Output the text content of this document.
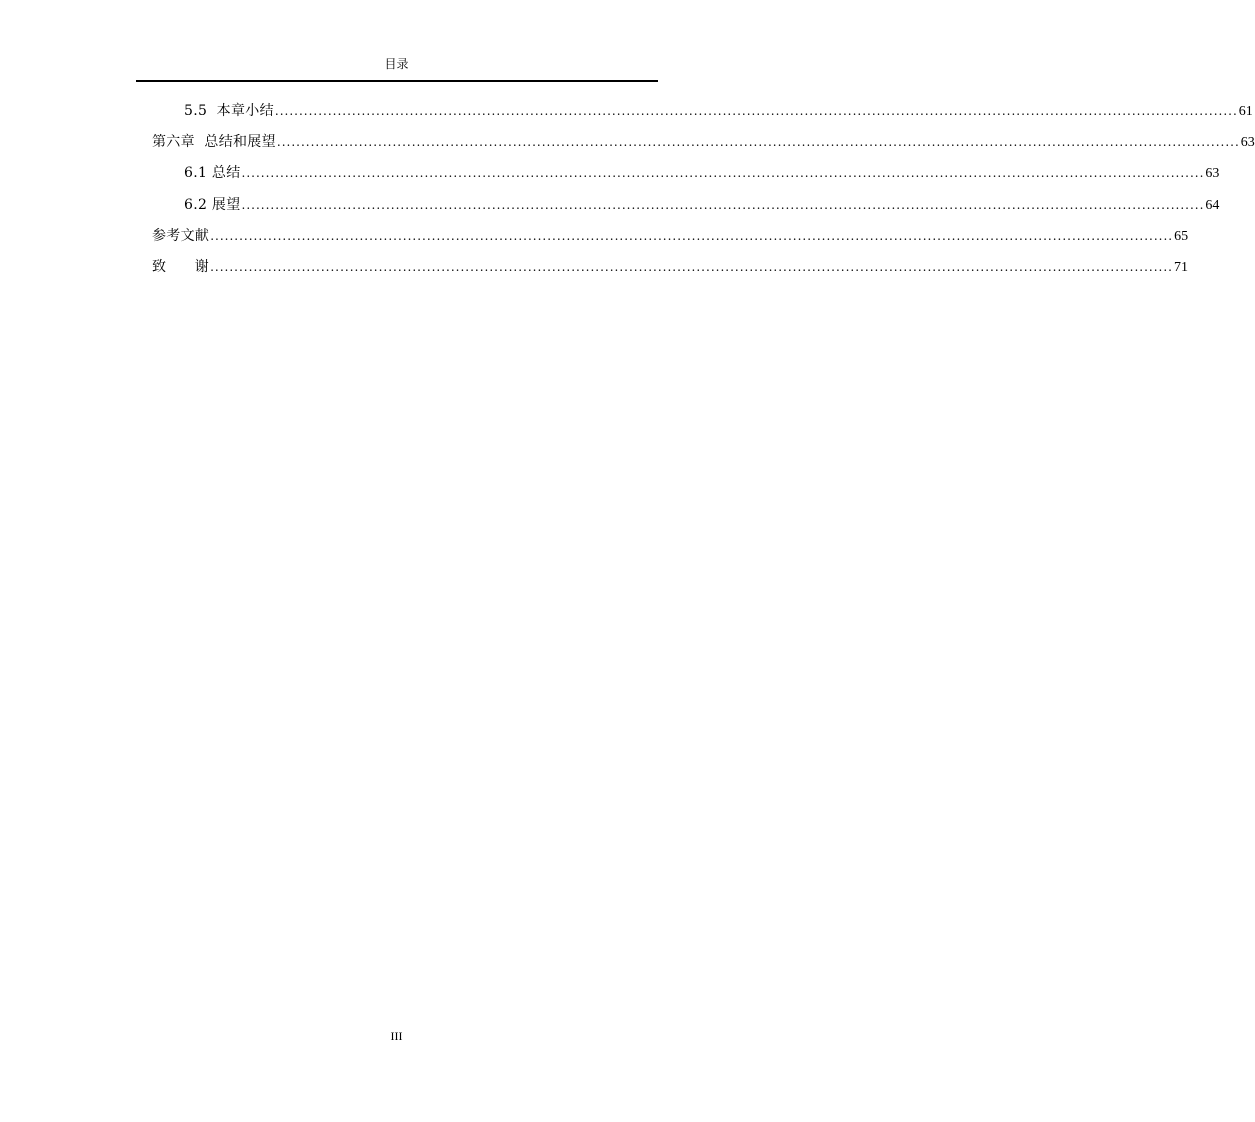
目录
5.5  本章小结 ........................................................................................................................................................................................................ 61
第六章  总结和展望 ........................................................................................................................................................................................................ 63
6.1 总结 ........................................................................................................................................................................................................ 63
6.2 展望 ........................................................................................................................................................................................................ 64
参考文献 ........................................................................................................................................................................................................ 65
致      谢 ........................................................................................................................................................................................................ 71
III
